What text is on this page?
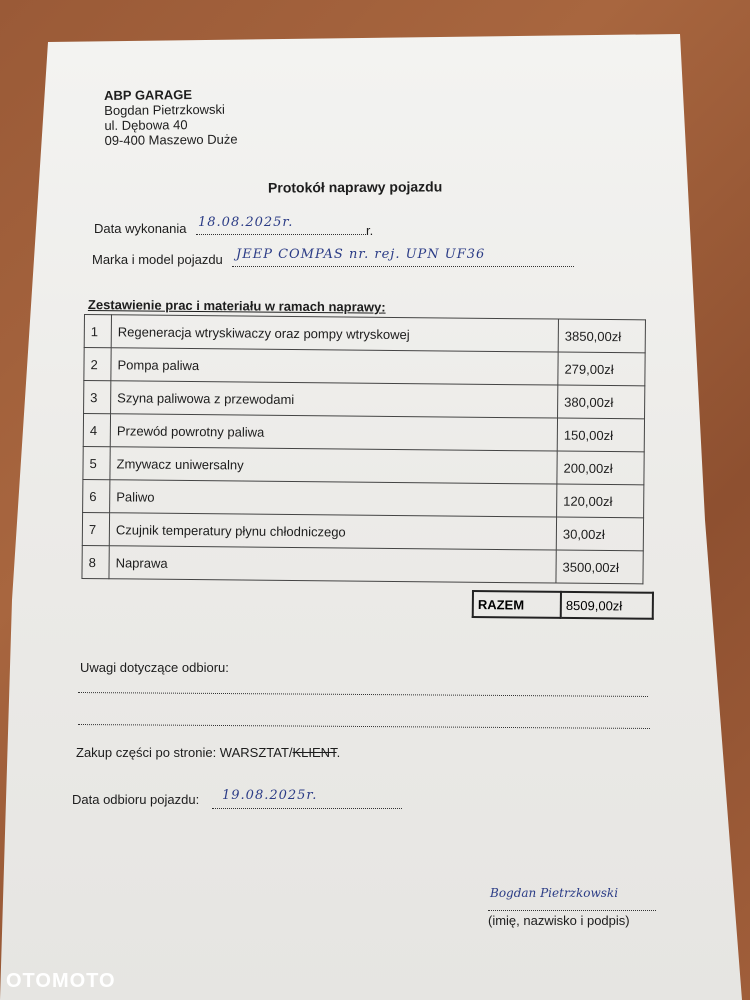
ABP GARAGE
Bogdan Pietrzkowski
ul. Dębowa 40
09-400 Maszewo Duże
Protokół naprawy pojazdu
Data wykonania 18.08.2025r.
r.
Marka i model pojazdu JEEP COMPAS nr. rej. UPN UF36
Zestawienie prac i materiału w ramach naprawy:
1	Regeneracja wtryskiwaczy oraz pompy wtryskowej	3850,00zł
2	Pompa paliwa	279,00zł
3	Szyna paliwowa z przewodami	380,00zł
4	Przewód powrotny paliwa	150,00zł
5	Zmywacz uniwersalny	200,00zł
6	Paliwo	120,00zł
7	Czujnik temperatury płynu chłodniczego	30,00zł
8	Naprawa	3500,00zł
RAZEM	8509,00zł
Uwagi dotyczące odbioru:
Zakup części po stronie: WARSZTAT/KLIENT.
Data odbioru pojazdu: 19.08.2025r.
Bogdan Pietrzkowski
(imię, nazwisko i podpis)
OTOMOTO
